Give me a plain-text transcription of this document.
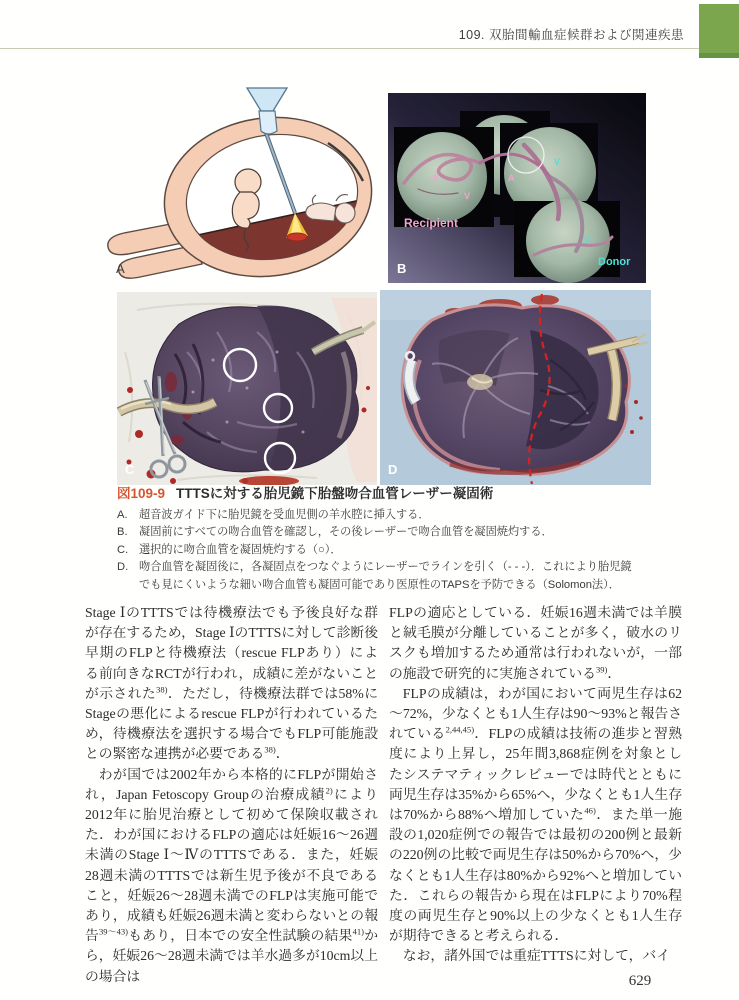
109. 双胎間輸血症候群および関連疾患
A
A
V
A
V
V
Recipient
Donor
B
C	D
図109-9 TTTSに対する胎児鏡下胎盤吻合血管レーザー凝固術
A.	超音波ガイド下に胎児鏡を受血児側の羊水腔に挿入する．
B.	凝固前にすべての吻合血管を確認し，その後レーザーで吻合血管を凝固焼灼する．
C. 選択的に吻合血管を凝固焼灼する（○）．
D. 吻合血管を凝固後に，各凝固点をつなぐようにレーザーでラインを引く（- - -）．これにより胎児鏡でも見にくいような細い吻合血管も凝固可能であり医原性のTAPSを予防できる（Solomon法）．

Stage ⅠのTTTSでは待機療法でも予後良好な群が存在するため，Stage ⅠのTTTSに対して診断後早期のFLPと待機療法（rescue FLPあり）による前向きなRCTが行われ，成績に差がないことが示された$^{38)}$．ただし，待機療法群では58%にStageの悪化によるrescue FLPが行われているため，待機療法を選択する場合でもFLP可能施設との緊密な連携が必要である$^{38)}$．

わが国では2002年から本格的にFLPが開始され，Japan Fetoscopy Groupの治療成績$^{2)}$により2012年に胎児治療として初めて保険収載された．わが国におけるFLPの適応は妊娠16～26週未満のStage Ⅰ～ⅣのTTTSである．また，妊娠28週未満のTTTSでは新生児予後が不良であること，妊娠26～28週未満でのFLPは実施可能であり，成績も妊娠26週未満と変わらないとの報告$^{39\sim 43)}$もあり，日本での安全性試験の結果$^{41)}$から，妊娠26～28週未満では羊水過多が10cm以上の場合は

FLPの適応としている．妊娠16週未満では羊膜と絨毛膜が分離していることが多く，破水のリスクも増加するため通常は行われないが，一部の施設で研究的に実施されている$^{39)}$．

FLPの成績は，わが国において両児生存は62～72%，少なくとも1人生存は90～93%と報告されている$^{2,44,45)}$．FLPの成績は技術の進歩と習熟度により上昇し，25年間3,868症例を対象としたシステマティックレビューでは時代とともに両児生存は35%から65%へ，少なくとも1人生存は70%から88%へ増加していた$^{46)}$．また単一施設の1,020症例での報告では最初の200例と最新の220例の比較で両児生存は50%から70%へ，少なくとも1人生存は80%から92%へと増加していた．これらの報告から現在はFLPにより70%程度の両児生存と90%以上の少なくとも1人生存が期待できると考えられる．

なお，諸外国では重症TTTSに対して，バイ

629
